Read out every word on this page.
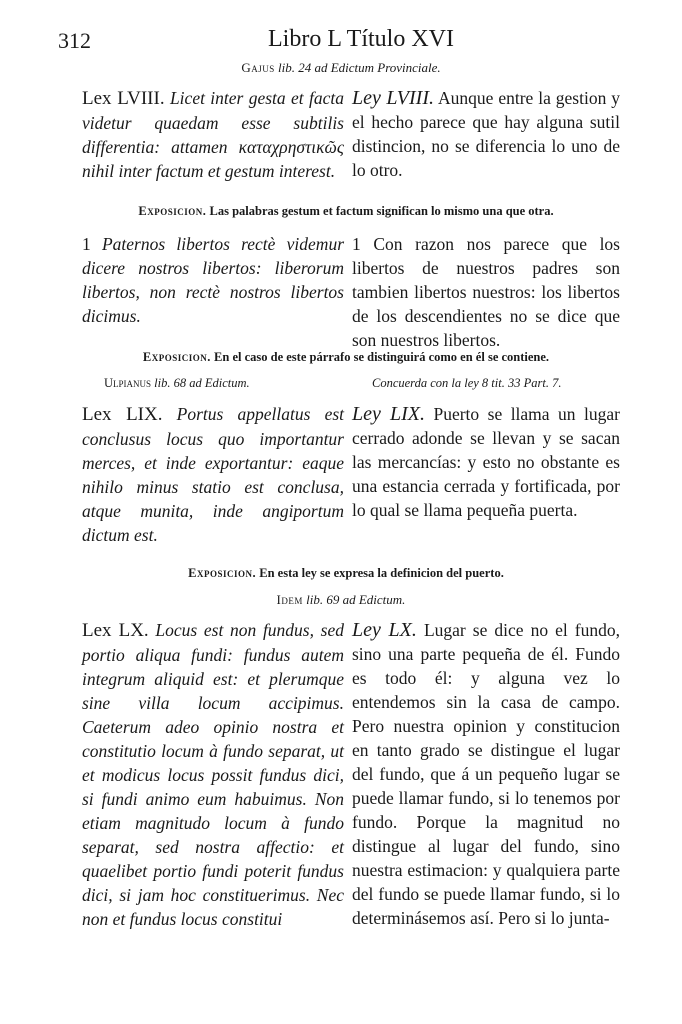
312	Libro L Título XVI
Gajus lib. 24 ad Edictum Provinciale.
Lex LVIII. Licet inter gesta et facta videtur quaedam esse subtilis differentia: attamen καταχρηστικῶς nihil inter factum et gestum interest.
Ley LVIII. Aunque entre la gestion y el hecho parece que hay alguna sutil distincion, no se diferencia lo uno de lo otro.
Exposicion. Las palabras gestum et factum significan lo mismo una que otra.
1 Paternos libertos rectè videmur dicere nostros libertos: liberorum libertos, non rectè nostros libertos dicimus.
1 Con razon nos parece que los libertos de nuestros padres son tambien libertos nuestros: los libertos de los descendientes no se dice que son nuestros libertos.
Exposicion. En el caso de este párrafo se distinguirá como en él se contiene.
Ulpianus lib. 68 ad Edictum.	Concuerda con la ley 8 tit. 33 Part. 7.
Lex LIX. Portus appellatus est conclusus locus quo importantur merces, et inde exportantur: eaque nihilo minus statio est conclusa, atque munita, inde angiportum dictum est.
Ley LIX. Puerto se llama un lugar cerrado adonde se llevan y se sacan las mercancías: y esto no obstante es una estancia cerrada y fortificada, por lo qual se llama pequeña puerta.
Exposicion. En esta ley se expresa la definicion del puerto.
Idem lib. 69 ad Edictum.
Lex LX. Locus est non fundus, sed portio aliqua fundi: fundus autem integrum aliquid est: et plerumque sine villa locum accipimus. Caeterum adeo opinio nostra et constitutio locum à fundo separat, ut et modicus locus possit fundus dici, si fundi animo eum habuimus. Non etiam magnitudo locum à fundo separat, sed nostra affectio: et quaelibet portio fundi poterit fundus dici, si jam hoc constituerimus. Nec non et fundus locus constitui
Ley LX. Lugar se dice no el fundo, sino una parte pequeña de él. Fundo es todo él: y alguna vez lo entendemos sin la casa de campo. Pero nuestra opinion y constitucion en tanto grado se distingue el lugar del fundo, que á un pequeño lugar se puede llamar fundo, si lo tenemos por fundo. Porque la magnitud no distingue al lugar del fundo, sino nuestra estimacion: y qualquiera parte del fundo se puede llamar fundo, si lo determinásemos así. Pero si lo junta-
